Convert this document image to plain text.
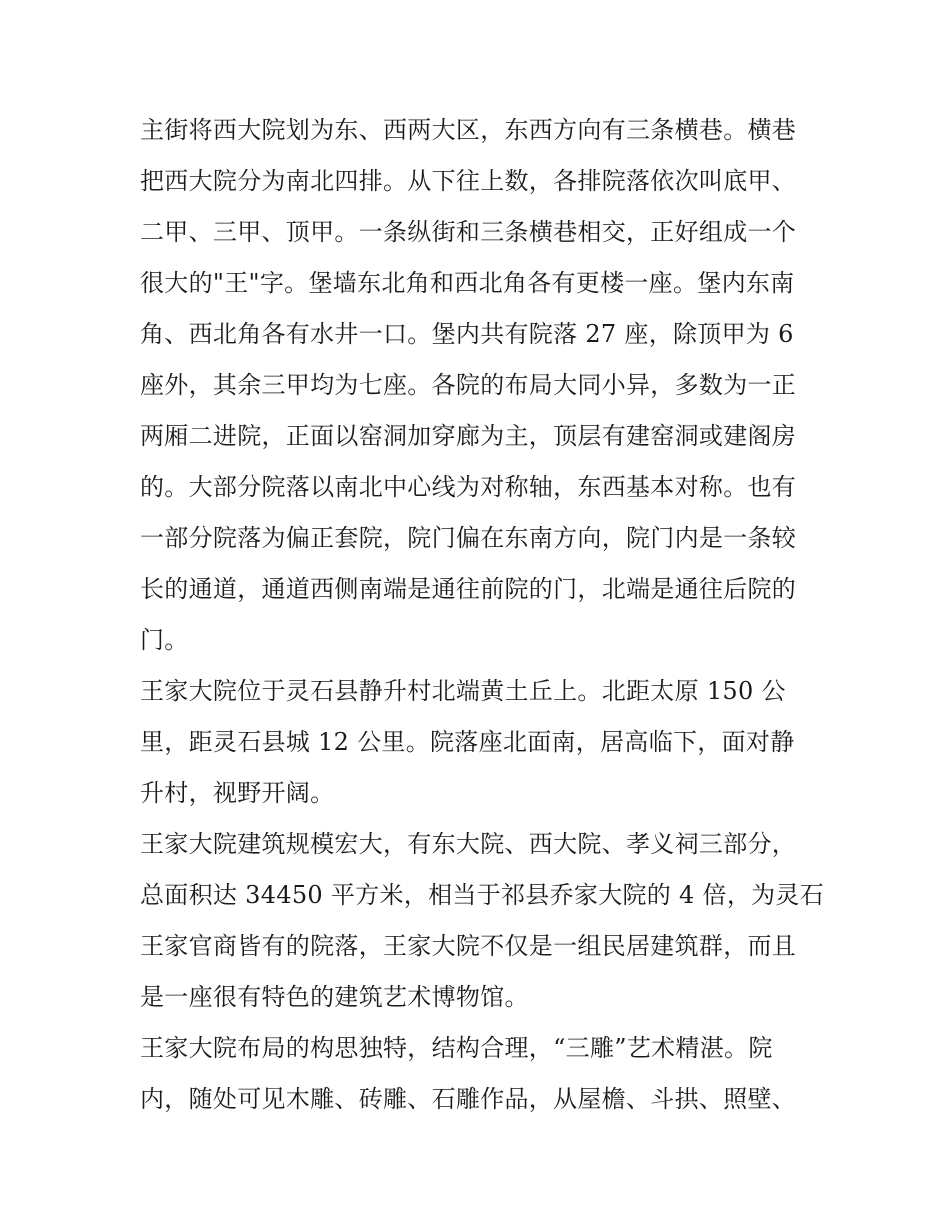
主街将西大院划为东、西两大区，东西方向有三条横巷。横巷
把西大院分为南北四排。从下往上数，各排院落依次叫底甲、
二甲、三甲、顶甲。一条纵街和三条横巷相交，正好组成一个
很大的"王"字。堡墙东北角和西北角各有更楼一座。堡内东南
角、西北角各有水井一口。堡内共有院落 27 座，除顶甲为 6
座外，其余三甲均为七座。各院的布局大同小异，多数为一正
两厢二进院，正面以窑洞加穿廊为主，顶层有建窑洞或建阁房
的。大部分院落以南北中心线为对称轴，东西基本对称。也有
一部分院落为偏正套院，院门偏在东南方向，院门内是一条较
长的通道，通道西侧南端是通往前院的门，北端是通往后院的
门。
王家大院位于灵石县静升村北端黄土丘上。北距太原 150 公
里，距灵石县城 12 公里。院落座北面南，居高临下，面对静
升村，视野开阔。
王家大院建筑规模宏大，有东大院、西大院、孝义祠三部分，
总面积达 34450 平方米，相当于祁县乔家大院的 4 倍，为灵石
王家官商皆有的院落，王家大院不仅是一组民居建筑群，而且
是一座很有特色的建筑艺术博物馆。
王家大院布局的构思独特，结构合理，“三雕”艺术精湛。院
内，随处可见木雕、砖雕、石雕作品，从屋檐、斗拱、照壁、
